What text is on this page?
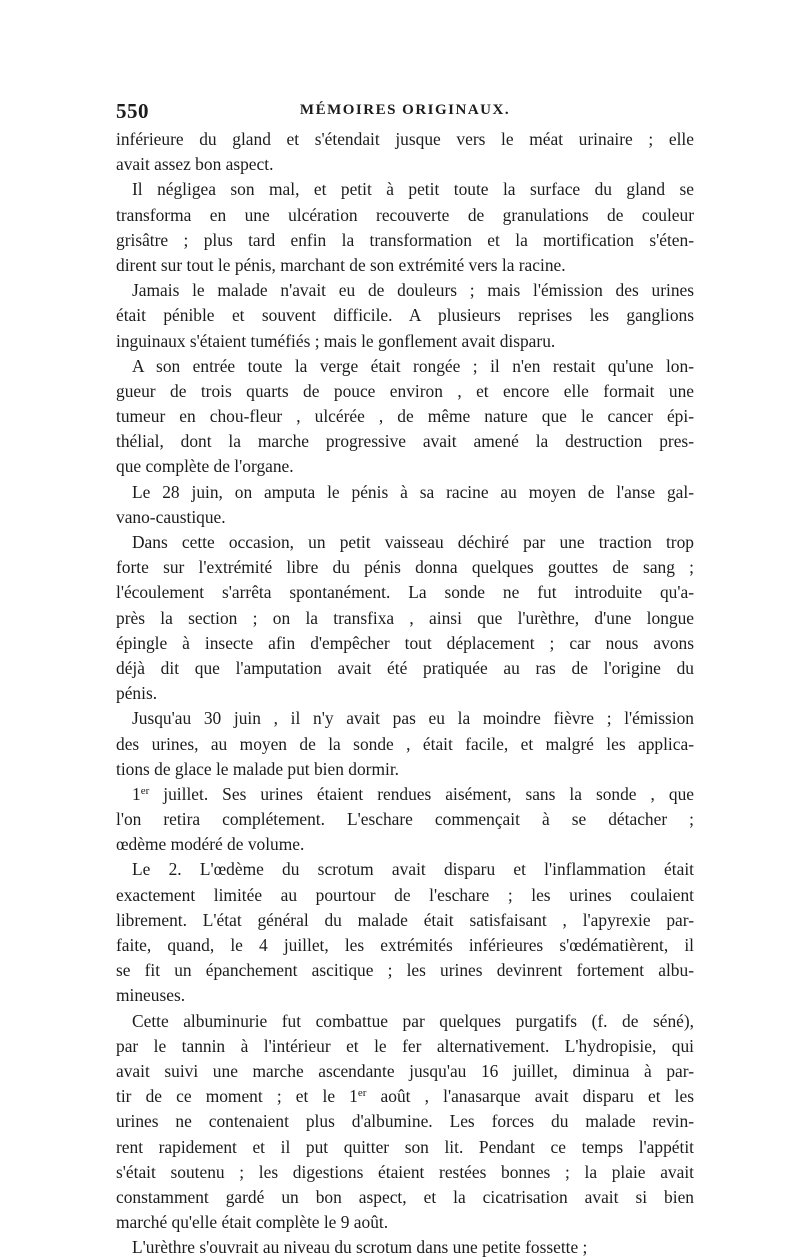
550	MÉMOIRES ORIGINAUX.
inférieure du gland et s'étendait jusque vers le méat urinaire ; elle
avait assez bon aspect.
Il négligea son mal, et petit à petit toute la surface du gland se
transforma en une ulcération recouverte de granulations de couleur
grisâtre ; plus tard enfin la transformation et la mortification s'éten-
dirent sur tout le pénis, marchant de son extrémité vers la racine.
Jamais le malade n'avait eu de douleurs ; mais l'émission des urines
était pénible et souvent difficile. A plusieurs reprises les ganglions
inguinaux s'étaient tuméfiés ; mais le gonflement avait disparu.
A son entrée toute la verge était rongée ; il n'en restait qu'une lon-
gueur de trois quarts de pouce environ , et encore elle formait une
tumeur en chou-fleur , ulcérée , de même nature que le cancer épi-
thélial, dont la marche progressive avait amené la destruction pres-
que complète de l'organe.
Le 28 juin, on amputa le pénis à sa racine au moyen de l'anse gal-
vano-caustique.
Dans cette occasion, un petit vaisseau déchiré par une traction trop
forte sur l'extrémité libre du pénis donna quelques gouttes de sang ;
l'écoulement s'arrêta spontanément. La sonde ne fut introduite qu'a-
près la section ; on la transfixa , ainsi que l'urèthre, d'une longue
épingle à insecte afin d'empêcher tout déplacement ; car nous avons
déjà dit que l'amputation avait été pratiquée au ras de l'origine du
pénis.
Jusqu'au 30 juin , il n'y avait pas eu la moindre fièvre ; l'émission
des urines, au moyen de la sonde , était facile, et malgré les applica-
tions de glace le malade put bien dormir.
1er juillet. Ses urines étaient rendues aisément, sans la sonde , que
l'on retira complétement. L'eschare commençait à se détacher ;
œdème modéré de volume.
Le 2. L'œdème du scrotum avait disparu et l'inflammation était
exactement limitée au pourtour de l'eschare ; les urines coulaient
librement. L'état général du malade était satisfaisant , l'apyrexie par-
faite, quand, le 4 juillet, les extrémités inférieures s'œdématièrent, il
se fit un épanchement ascitique ; les urines devinrent fortement albu-
mineuses.
Cette albuminurie fut combattue par quelques purgatifs (f. de séné),
par le tannin à l'intérieur et le fer alternativement. L'hydropisie, qui
avait suivi une marche ascendante jusqu'au 16 juillet, diminua à par-
tir de ce moment ; et le 1er août , l'anasarque avait disparu et les
urines ne contenaient plus d'albumine. Les forces du malade revin-
rent rapidement et il put quitter son lit. Pendant ce temps l'appétit
s'était soutenu ; les digestions étaient restées bonnes ; la plaie avait
constamment gardé un bon aspect, et la cicatrisation avait si bien
marché qu'elle était complète le 9 août.
L'urèthre s'ouvrait au niveau du scrotum dans une petite fossette ;
